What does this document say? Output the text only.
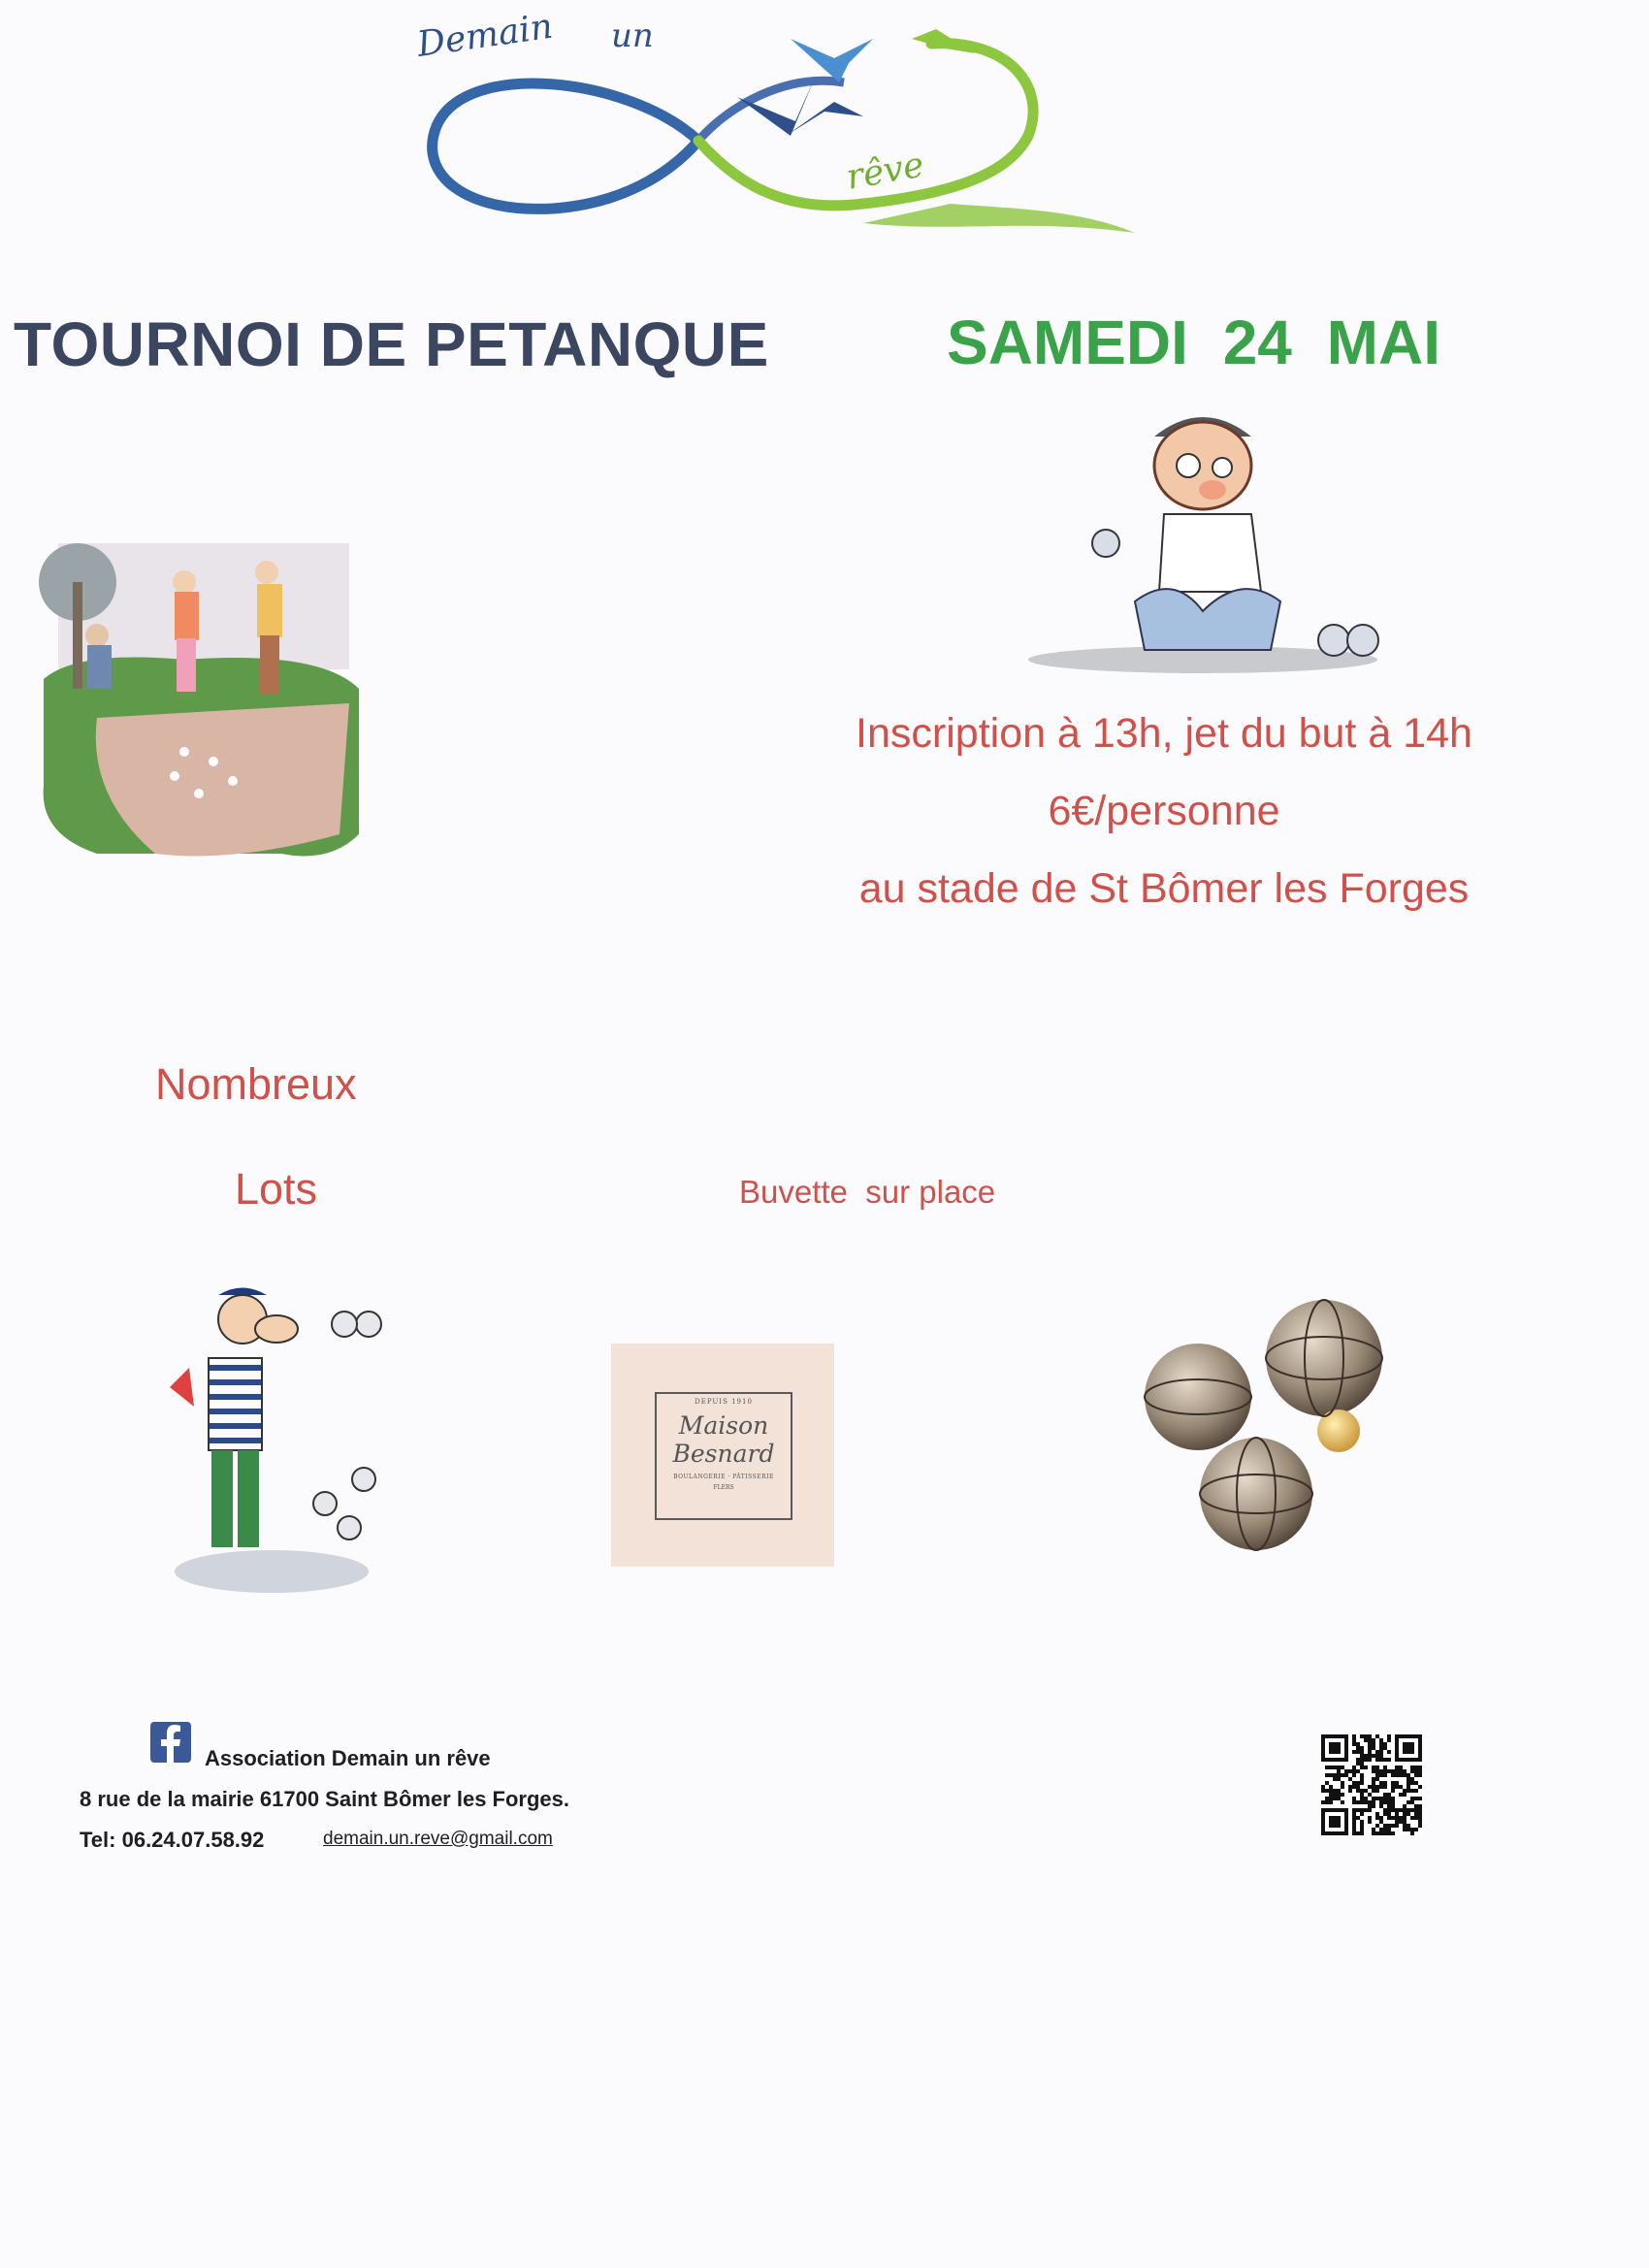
Demain un
rêve
TOURNOI DE PETANQUE	SAMEDI 24 MAI
Inscription à 13h, jet du but à 14h
6€/personne
au stade de St Bômer les Forges
Nombreux
Lots	Buvette  sur place
DEPUIS 1910
Maison
Besnard
BOULANGERIE · PÂTISSERIE
FLERS
Association Demain un rêve
8 rue de la mairie 61700 Saint Bômer les Forges.
Tel: 06.24.07.58.92	demain.un.reve@gmail.com
